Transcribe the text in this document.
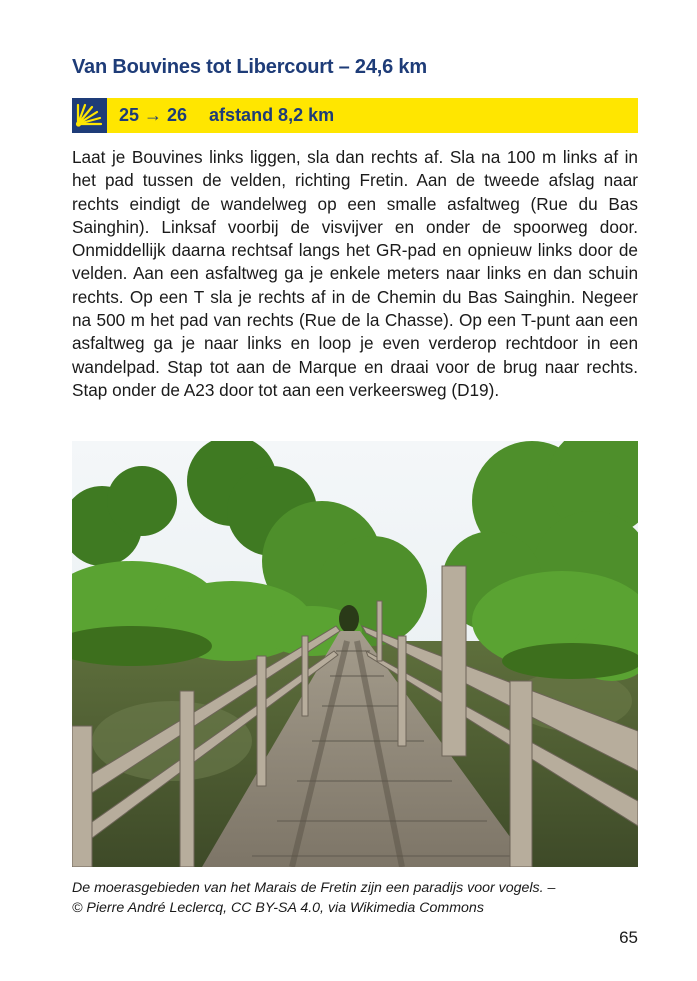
Van Bouvines tot Libercourt – 24,6 km
25 → 26 afstand 8,2 km

Laat je Bouvines links liggen, sla dan rechts af. Sla na 100 m links af in het pad tussen de velden, richting Fretin. Aan de tweede afslag naar rechts eindigt de wandelweg op een smalle asfaltweg (Rue du Bas Sainghin). Linksaf voorbij de visvijver en onder de spoorweg door. Onmiddellijk daarna rechtsaf langs het GR-pad en opnieuw links door de velden. Aan een asfaltweg ga je enkele meters naar links en dan schuin rechts. Op een T sla je rechts af in de Chemin du Bas Sainghin. Negeer na 500 m het pad van rechts (Rue de la Chasse). Op een T-punt aan een asfaltweg ga je naar links en loop je even verderop rechtdoor in een wandelpad. Stap tot aan de Marque en draai voor de brug naar rechts. Stap onder de A23 door tot aan een verkeersweg (D19).

De moerasgebieden van het Marais de Fretin zijn een paradijs voor vogels. –
© Pierre André Leclercq, CC BY-SA 4.0, via Wikimedia Commons
65
